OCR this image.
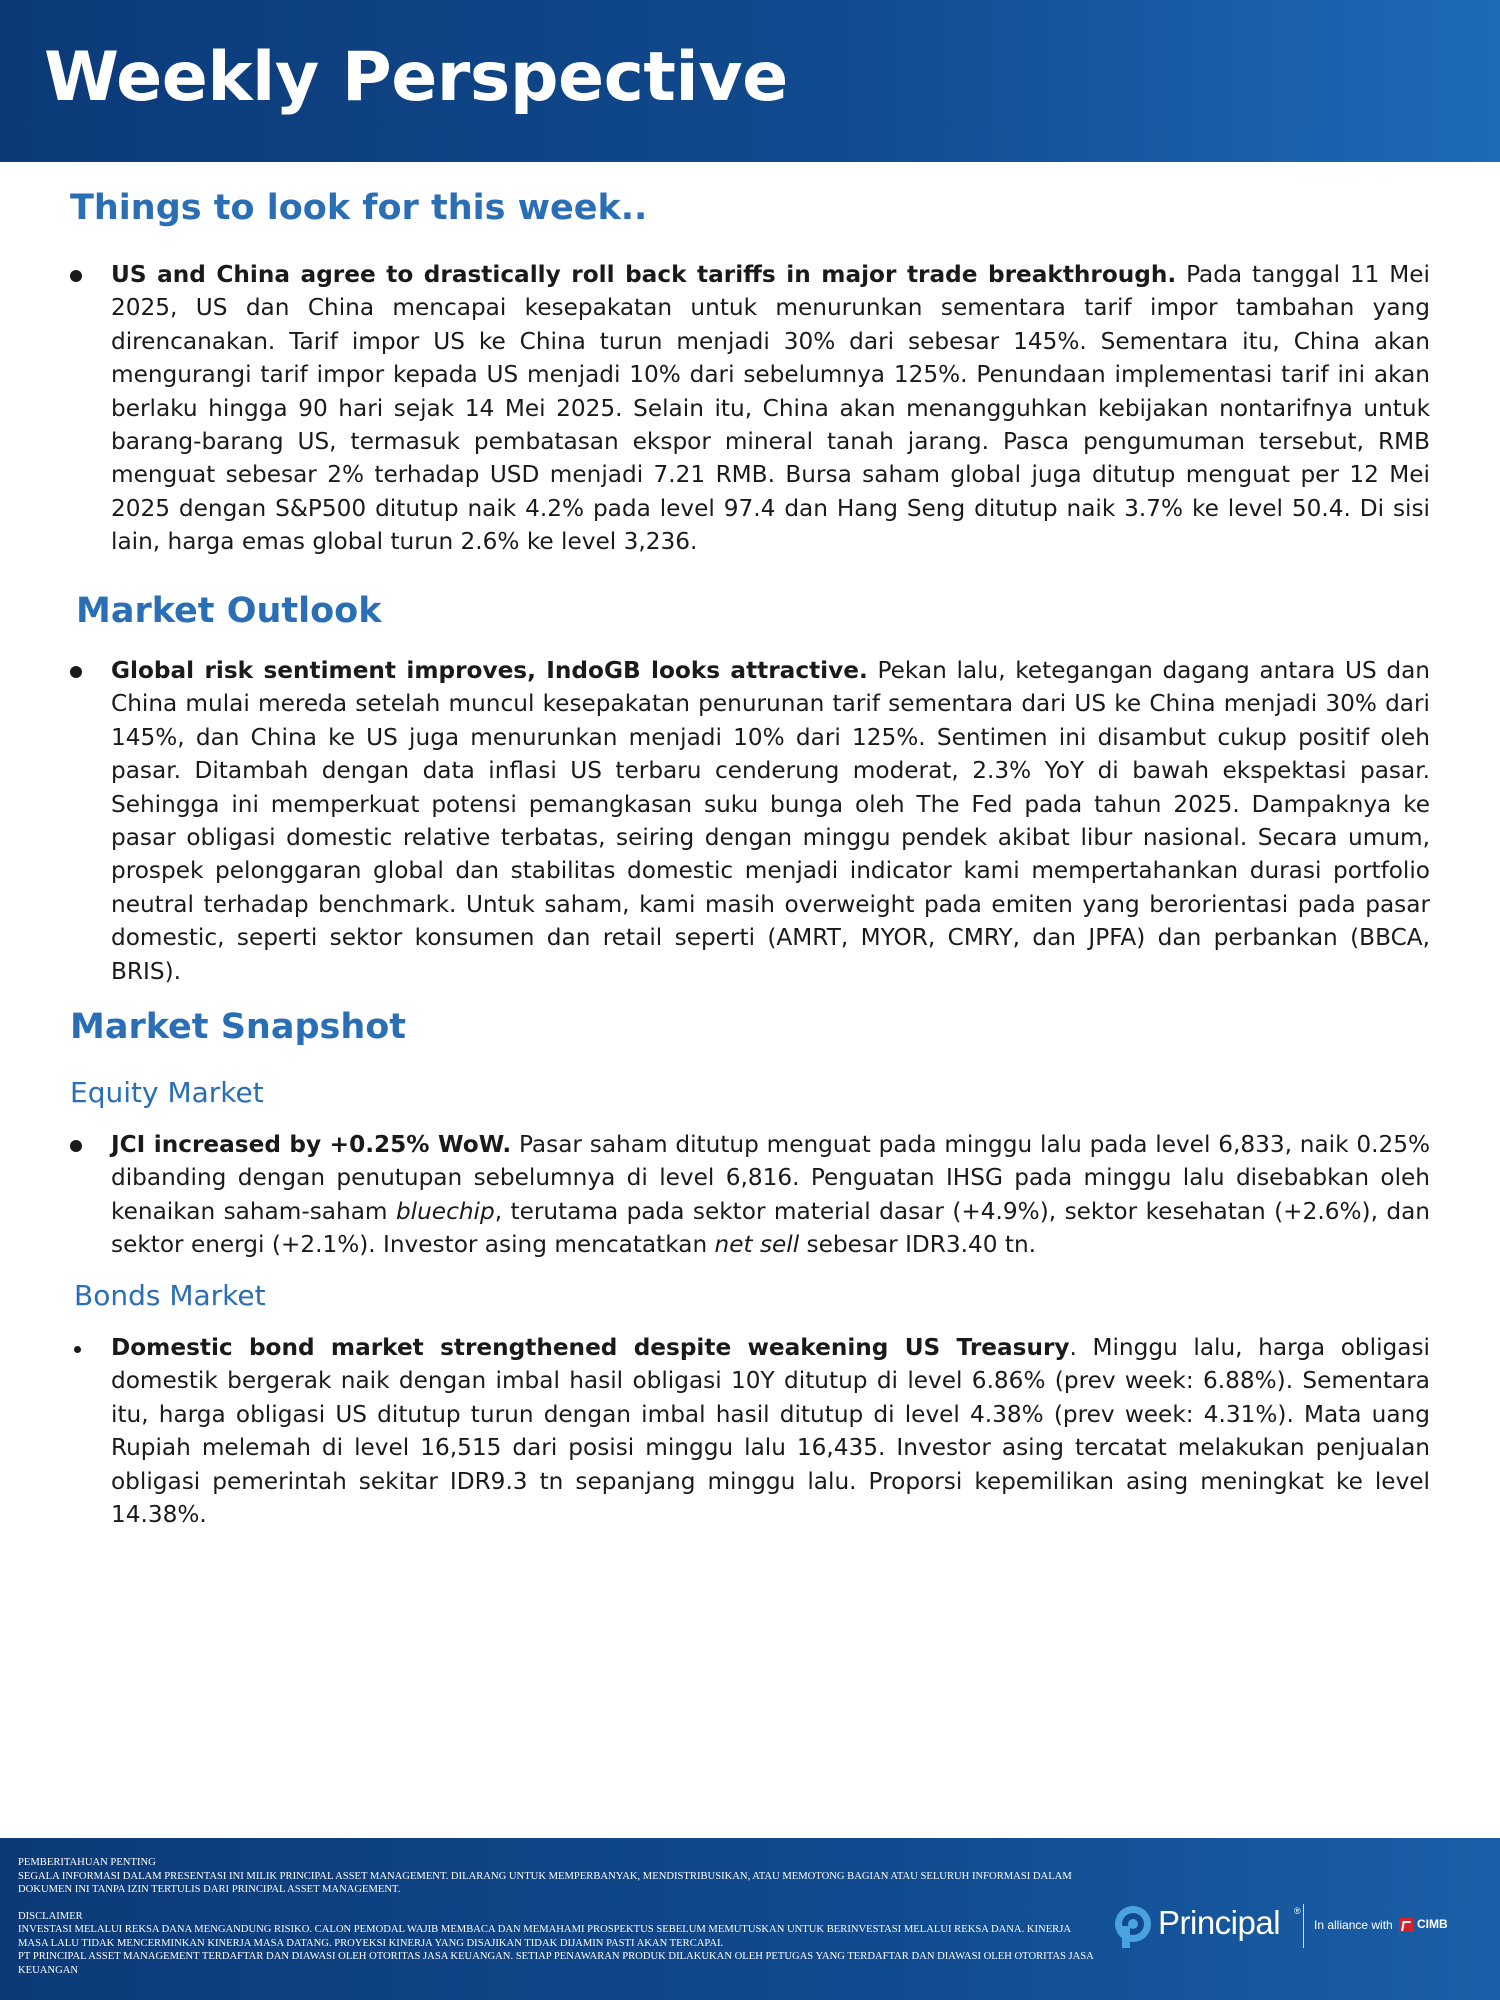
Weekly Perspective
Things to look for this week..

US and China agree to drastically roll back tariffs in major trade breakthrough. Pada tanggal 11 Mei 2025, US dan China mencapai kesepakatan untuk menurunkan sementara tarif impor tambahan yang direncanakan. Tarif impor US ke China turun menjadi 30% dari sebesar 145%. Sementara itu, China akan mengurangi tarif impor kepada US menjadi 10% dari sebelumnya 125%. Penundaan implementasi tarif ini akan berlaku hingga 90 hari sejak 14 Mei 2025. Selain itu, China akan menangguhkan kebijakan nontarifnya untuk barang-barang US, termasuk pembatasan ekspor mineral tanah jarang. Pasca pengumuman tersebut, RMB menguat sebesar 2% terhadap USD menjadi 7.21 RMB. Bursa saham global juga ditutup menguat per 12 Mei 2025 dengan S&P500 ditutup naik 4.2% pada level 97.4 dan Hang Seng ditutup naik 3.7% ke level 50.4. Di sisi lain, harga emas global turun 2.6% ke level 3,236.

Market Outlook

Global risk sentiment improves, IndoGB looks attractive. Pekan lalu, ketegangan dagang antara US dan China mulai mereda setelah muncul kesepakatan penurunan tarif sementara dari US ke China menjadi 30% dari 145%, dan China ke US juga menurunkan menjadi 10% dari 125%. Sentimen ini disambut cukup positif oleh pasar. Ditambah dengan data inflasi US terbaru cenderung moderat, 2.3% YoY di bawah ekspektasi pasar. Sehingga ini memperkuat potensi pemangkasan suku bunga oleh The Fed pada tahun 2025. Dampaknya ke pasar obligasi domestic relative terbatas, seiring dengan minggu pendek akibat libur nasional. Secara umum, prospek pelonggaran global dan stabilitas domestic menjadi indicator kami mempertahankan durasi portfolio neutral terhadap benchmark. Untuk saham, kami masih overweight pada emiten yang berorientasi pada pasar domestic, seperti sektor konsumen dan retail seperti (AMRT, MYOR, CMRY, dan JPFA) dan perbankan (BBCA, BRIS).

Market Snapshot
Equity Market

JCI increased by +0.25% WoW. Pasar saham ditutup menguat pada minggu lalu pada level 6,833, naik 0.25% dibanding dengan penutupan sebelumnya di level 6,816. Penguatan IHSG pada minggu lalu disebabkan oleh kenaikan saham-saham bluechip, terutama pada sektor material dasar (+4.9%), sektor kesehatan (+2.6%), dan sektor energi (+2.1%). Investor asing mencatatkan net sell sebesar IDR3.40 tn.

Bonds Market

Domestic bond market strengthened despite weakening US Treasury. Minggu lalu, harga obligasi domestik bergerak naik dengan imbal hasil obligasi 10Y ditutup di level 6.86% (prev week: 6.88%). Sementara itu, harga obligasi US ditutup turun dengan imbal hasil ditutup di level 4.38% (prev week: 4.31%). Mata uang Rupiah melemah di level 16,515 dari posisi minggu lalu 16,435. Investor asing tercatat melakukan penjualan obligasi pemerintah sekitar IDR9.3 tn sepanjang minggu lalu. Proporsi kepemilikan asing meningkat ke level 14.38%.

PEMBERITAHUAN PENTING
SEGALA INFORMASI DALAM PRESENTASI INI MILIK PRINCIPAL ASSET MANAGEMENT. DILARANG UNTUK MEMPERBANYAK, MENDISTRIBUSIKAN, ATAU MEMOTONG BAGIAN ATAU SELURUH INFORMASI DALAM DOKUMEN INI TANPA IZIN TERTULIS DARI PRINCIPAL ASSET MANAGEMENT.
DISCLAIMER
INVESTASI MELALUI REKSA DANA MENGANDUNG RISIKO. CALON PEMODAL WAJIB MEMBACA DAN MEMAHAMI PROSPEKTUS SEBELUM MEMUTUSKAN UNTUK BERINVESTASI MELALUI REKSA DANA. KINERJA MASA LALU TIDAK MENCERMINKAN KINERJA MASA DATANG. PROYEKSI KINERJA YANG DISAJIKAN TIDAK DIJAMIN PASTI AKAN TERCAPAI.
PT PRINCIPAL ASSET MANAGEMENT TERDAFTAR DAN DIAWASI OLEH OTORITAS JASA KEUANGAN. SETIAP PENAWARAN PRODUK DILAKUKAN OLEH PETUGAS YANG TERDAFTAR DAN DIAWASI OLEH OTORITAS JASA KEUANGAN
Principal ®
In alliance with CIMB
